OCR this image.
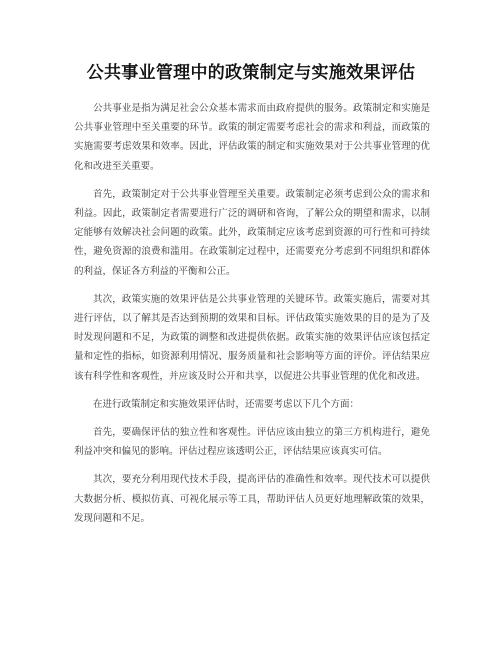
公共事业管理中的政策制定与实施效果评估

公共事业是指为满足社会公众基本需求而由政府提供的服务。政策制定和实施是公共事业管理中至关重要的环节。政策的制定需要考虑社会的需求和利益，而政策的实施需要考虑效果和效率。因此，评估政策的制定和实施效果对于公共事业管理的优化和改进至关重要。

首先，政策制定对于公共事业管理至关重要。政策制定必须考虑到公众的需求和利益。因此，政策制定者需要进行广泛的调研和咨询，了解公众的期望和需求，以制定能够有效解决社会问题的政策。此外，政策制定应该考虑到资源的可行性和可持续性，避免资源的浪费和滥用。在政策制定过程中，还需要充分考虑到不同组织和群体的利益，保证各方利益的平衡和公正。

其次，政策实施的效果评估是公共事业管理的关键环节。政策实施后，需要对其进行评估，以了解其是否达到预期的效果和目标。评估政策实施效果的目的是为了及时发现问题和不足，为政策的调整和改进提供依据。政策实施的效果评估应该包括定量和定性的指标，如资源利用情况、服务质量和社会影响等方面的评价。评估结果应该有科学性和客观性，并应该及时公开和共享，以促进公共事业管理的优化和改进。

在进行政策制定和实施效果评估时，还需要考虑以下几个方面：

首先，要确保评估的独立性和客观性。评估应该由独立的第三方机构进行，避免利益冲突和偏见的影响。评估过程应该透明公正，评估结果应该真实可信。

其次，要充分利用现代技术手段，提高评估的准确性和效率。现代技术可以提供大数据分析、模拟仿真、可视化展示等工具，帮助评估人员更好地理解政策的效果，发现问题和不足。
